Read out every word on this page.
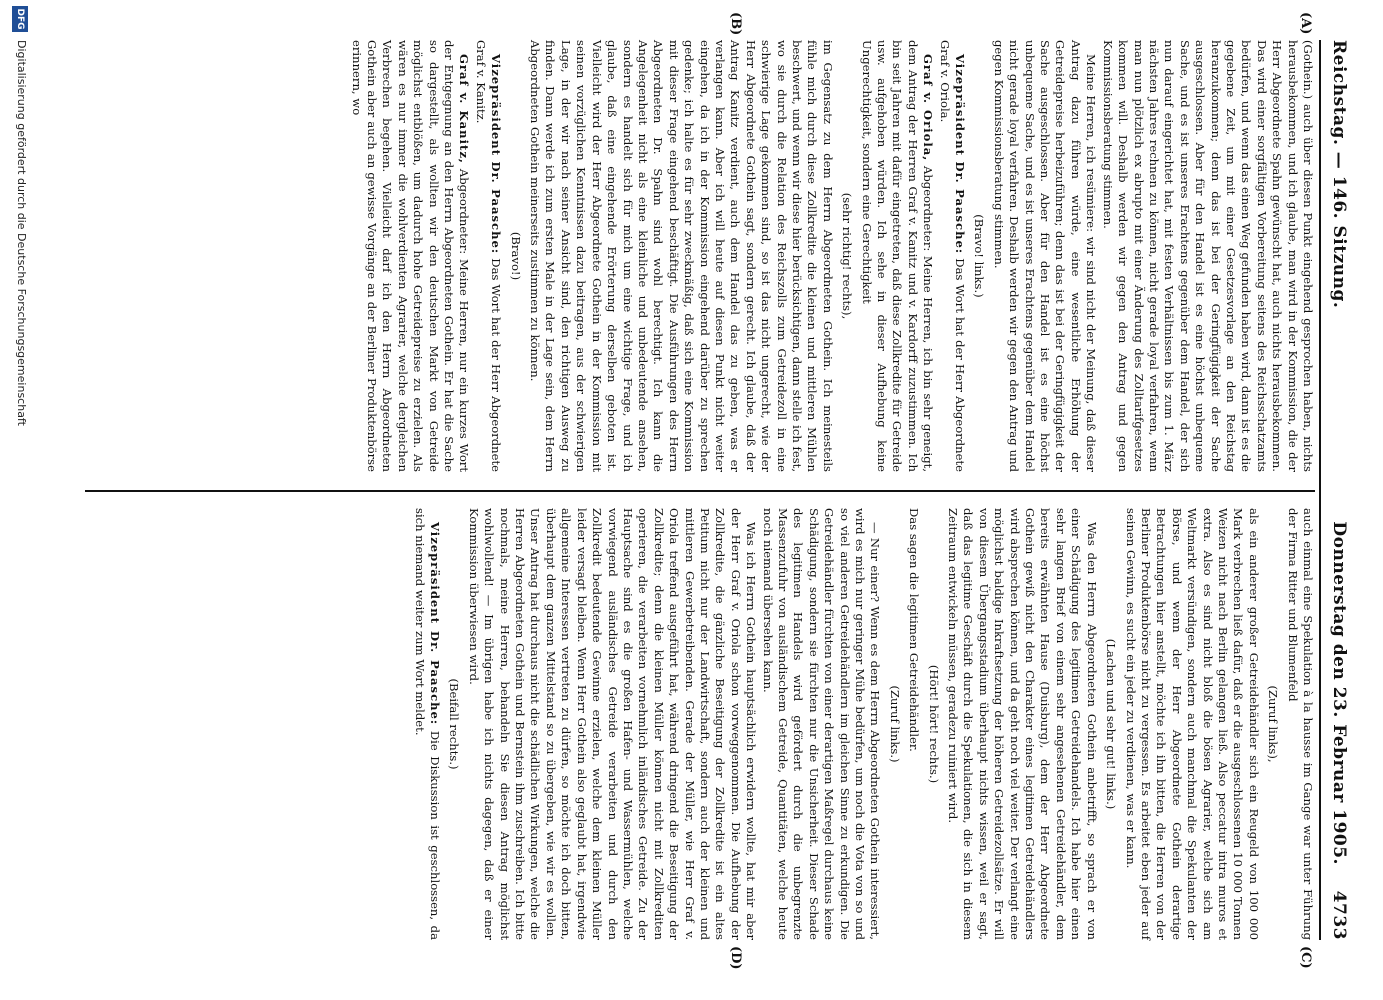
Reichstag. — 146. Sitzung.
Donnerstag den 23. Februar 1905.    4733
(A)
(B)
(C)
(D)

(Gothein.) auch über diesen Punkt eingehend gesprochen haben, nichts herausbekommen, und ich glaube, man wird in der Kommission, die der Herr Abgeordnete Spahn gewünscht hat, auch nichts herausbekommen. Das wird einer sorgfältigen Vorbereitung seitens des Reichsschatzamts bedürfen, und wenn das einen Weg gefunden haben wird, dann ist es die gegebene Zeit, um mit einer Gesetzesvorlage an den Reichstag heranzukommen; denn das ist bei der Geringfügigkeit der Sache ausgeschlossen. Aber für den Handel ist es eine höchst unbequeme Sache, und es ist unseres Erachtens gegenüber dem Handel, der sich nun darauf eingerichtet hat, mit festen Verhältnissen bis zum 1. März nächsten Jahres rechnen zu können, nicht gerade loyal verfahren, wenn man nun plötzlich ex abrupto mit einer Änderung des Zolltarifgesetzes kommen will. Deshalb werden wir gegen den Antrag und gegen Kommissionsberatung stimmen.

Meine Herren, ich resümiere: wir sind nicht der Meinung, daß dieser Antrag dazu führen würde, eine wesentliche Erhöhung der Getreidepreise herbeizuführen; denn das ist bei der Geringfügigkeit der Sache ausgeschlossen. Aber für den Handel ist es eine höchst unbequeme Sache, und es ist unseres Erachtens gegenüber dem Handel nicht gerade loyal verfahren. Deshalb werden wir gegen den Antrag und gegen Kommissionsberatung stimmen.

(Bravo! links.)

Vizepräsident Dr. Paasche: Das Wort hat der Herr Abgeordnete Graf v. Oriola.

Graf v. Oriola, Abgeordneter: Meine Herren, ich bin sehr geneigt, dem Antrag der Herren Graf v. Kanitz und v. Kardorff zuzustimmen. Ich bin seit Jahren mit dafür eingetreten, daß diese Zollkredite für Getreide usw. aufgehoben würden. Ich sehe in dieser Aufhebung keine Ungerechtigkeit, sondern eine Gerechtigkeit

(sehr richtig! rechts),

im Gegensatz zu dem Herrn Abgeordneten Gothein. Ich meinesteils fühle mich durch diese Zollkredite die kleinen und mittleren Mühlen beschwert, und wenn wir diese hier berücksichtigen, dann stelle ich fest, wo sie durch die Relation des Reichszolls zum Getreidezoll in eine schwierige Lage gekommen sind, so ist das nicht ungerecht, wie der Herr Abgeordnete Gothein sagt, sondern gerecht. Ich glaube, daß der Antrag Kanitz verdient, auch dem Handel das zu geben, was er verlangen kann. Aber ich will heute auf diesen Punkt nicht weiter eingehen, da ich in der Kommission eingehend darüber zu sprechen gedenke; ich halte es für sehr zweckmäßig, daß sich eine Kommission mit dieser Frage eingehend beschäftigt. Die Ausführungen des Herrn Abgeordneten Dr. Spahn sind wohl berechtigt. Ich kann die Angelegenheit nicht als eine kleinliche und unbedeutende ansehen, sondern es handelt sich für mich um eine wichtige Frage, und ich glaube, daß eine eingehende Erörterung derselben geboten ist. Vielleicht wird der Herr Abgeordnete Gothein in der Kommission mit seinen vorzüglichen Kenntnissen dazu beitragen, aus der schwierigen Lage, in der wir nach seiner Ansicht sind, den richtigen Ausweg zu finden. Dann werde ich zum ersten Male in der Lage sein, dem Herrn Abgeordneten Gothein meinerseits zustimmen zu können.

(Bravo!)

Vizepräsident Dr. Paasche: Das Wort hat der Herr Abgeordnete Graf v. Kanitz.

Graf v. Kanitz, Abgeordneter: Meine Herren, nur ein kurzes Wort der Entgegnung an den Herrn Abgeordneten Gothein. Er hat die Sache so dargestellt, als wollten wir den deutschen Markt von Getreide möglichst entblößen, um dadurch hohe Getreidepreise zu erzielen. Als wären es nur immer die wohlverdienten Agrarier, welche dergleichen Verbrechen begehen. Vielleicht darf ich den Herrn Abgeordneten Gothein aber auch an gewisse Vorgänge an der Berliner Produktenbörse erinnern, wo

auch einmal eine Spekulation à la hausse im Gange war unter Führung der Firma Ritter und Blumenfeld

(Zuruf links),

als ein anderer großer Getreidehändler sich ein Reugeld von 100 000 Mark verbrechen ließ dafür, daß er die ausgeschlossenen 10 000 Tonnen Weizen nicht nach Berlin gelangen ließ. Also peccatur intra muros et extra. Also es sind nicht bloß die bösen Agrarier, welche sich am Weltmarkt versündigen, sondern auch manchmal die Spekulanten der Börse, und wenn der Herr Abgeordnete Gothein derartige Betrachtungen hier anstellt, möchte ich ihn bitten, die Herren von der Berliner Produktenbörse nicht zu vergessen. Es arbeitet eben jeder auf seinen Gewinn, es sucht ein jeder zu verdienen, was er kann.

(Lachen und sehr gut! links.)

Was den Herrn Abgeordneten Gothein anbetrifft, so sprach er von einer Schädigung des legitimen Getreidehandels. Ich habe hier einen sehr langen Brief von einem sehr angesehenen Getreidehändler, dem bereits erwähnten Hause (Duisburg), dem der Herr Abgeordnete Gothein gewiß nicht den Charakter eines legitimen Getreidehändlers wird absprechen können, und da geht noch viel weiter. Der verlangt eine möglichst baldige Inkraftsetzung der höheren Getreidezollsätze. Er will von diesem Übergangsstadium überhaupt nichts wissen, weil er sagt, daß das legitime Geschäft durch die Spekulationen, die sich in diesem Zeitraum entwickeln müssen, geradezu ruiniert wird.

(Hört! hört! rechts.)

Das sagen die legitimen Getreidehändler.

(Zuruf links.)

— Nur einer? Wenn es dem Herrn Abgeordneten Gothein interessiert, wird es mich nur geringer Mühe bedürfen, um noch die Vota von so und so viel anderen Getreidehändlern im gleichen Sinne zu erkundigen. Die Getreidehändler fürchten von einer derartigen Maßregel durchaus keine Schädigung, sondern sie fürchten nur die Unsicherheit. Dieser Schade des legitimen Handels wird gefördert durch die unbegrenzte Massenzufuhr von ausländischem Getreide, Quantitäten, welche heute noch niemand übersehen kann.

Was ich Herrn Gothein hauptsächlich erwidern wollte, hat mir aber der Herr Graf v. Oriola schon vorweggenommen. Die Aufhebung der Zollkredite, die gänzliche Beseitigung der Zollkredite ist ein altes Petitum nicht nur der Landwirtschaft, sondern auch der kleinen und mittleren Gewerbetreibenden. Gerade der Müller, wie Herr Graf v. Oriola treffend ausgeführt hat, während dringend die Beseitigung der Zollkredite; denn die kleinen Müller können nicht mit Zollkrediten operieren, die verarbeiten vornehmlich inländisches Getreide. Zu der Hauptsache sind es die großen Hafen- und Wassermühlen, welche vorwiegend ausländisches Getreide verarbeiten und durch den Zollkredit bedeutende Gewinne erzielen, welche dem kleinen Müller leider versagt bleiben. Wenn Herr Gothein also geglaubt hat, irgendwie allgemeine Interessen vertreten zu dürfen, so möchte ich doch bitten, überhaupt dem ganzen Mittelstand so zu übergeben, wie wir es wollen. Unser Antrag hat durchaus nicht die schädlichen Wirkungen, welche die Herren Abgeordneten Gothein und Bernstein ihm zuschreiben. Ich bitte nochmals, meine Herren, behandeln Sie diesen Antrag möglichst wohlwollend! — Im übrigen habe ich nichts dagegen, daß er einer Kommission überwiesen wird.

(Beifall rechts.)

Vizepräsident Dr. Paasche: Die Diskussion ist geschlossen, da sich niemand weiter zum Wort meldet.

DFG
Digitalisierung gefördert durch die Deutsche Forschungsgemeinschaft
